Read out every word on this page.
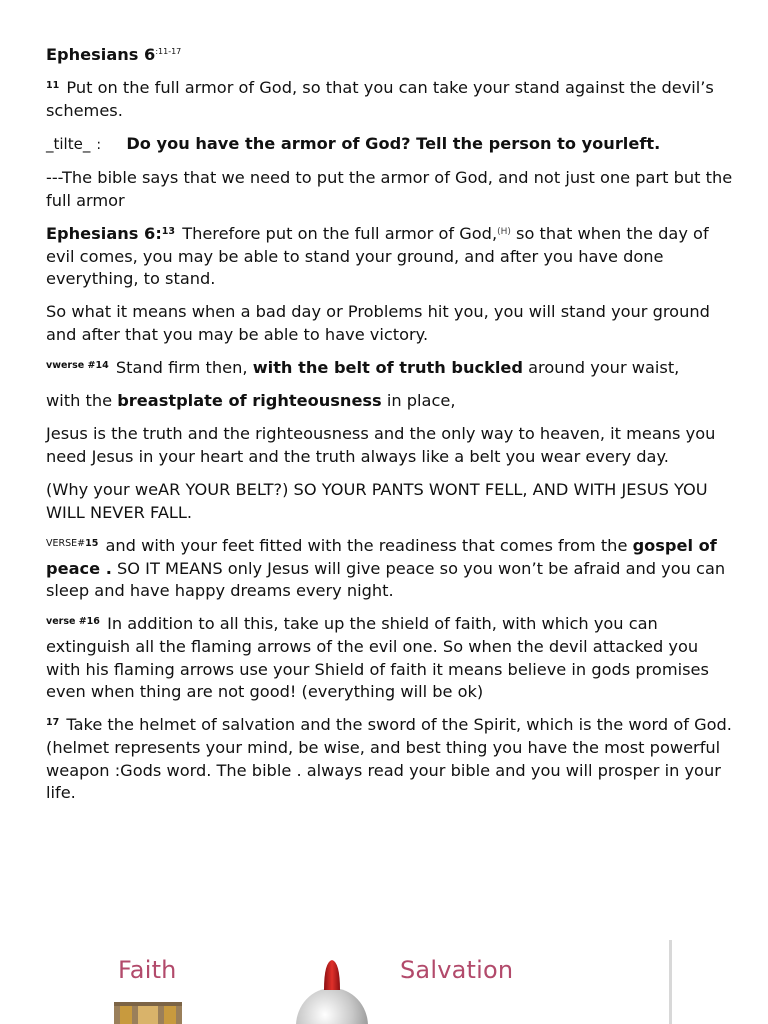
Ephesians 6$^{:11-17}$

$^{11}$ Put on the full armor of God, so that you can take your stand against the devil’s schemes.

_tilte_ : Do you have the armor of God? Tell the person to yourleft.

---The bible says that we need to put the armor of God, and not just one part but the full armor

Ephesians 6:$^{13}$ Therefore put on the full armor of God,$^{(H)}$ so that when the day of evil comes, you may be able to stand your ground, and after you have done everything, to stand.

So what it means when a bad day or Problems hit you, you will stand your ground and after that you may be able to have victory.

$^{vwerse \#14}$ Stand firm then, with the belt of truth buckled around your waist,

with the breastplate of righteousness in place,

Jesus is the truth and the righteousness and the only way to heaven, it means you need Jesus in your heart and the truth always like a belt you wear every day.

(Why your weAR YOUR BELT?) SO YOUR PANTS WONT FELL, AND WITH JESUS YOU WILL NEVER FALL.

$^{VERSE\#15}$ and with your feet fitted with the readiness that comes from the gospel of peace . SO IT MEANS only Jesus will give peace so you won’t be afraid and you can sleep and have happy dreams every night.

$^{verse \#16}$ In addition to all this, take up the shield of faith, with which you can extinguish all the flaming arrows of the evil one. So when the devil attacked you with his flaming arrows use your Shield of faith it means believe in gods promises even when thing are not good! (everything will be ok)

$^{17}$ Take the helmet of salvation and the sword of the Spirit, which is the word of God. (helmet represents your mind, be wise, and best thing you have the most powerful weapon :Gods word. The bible . always read your bible and you will prosper in your life.

Faith	Salvation
